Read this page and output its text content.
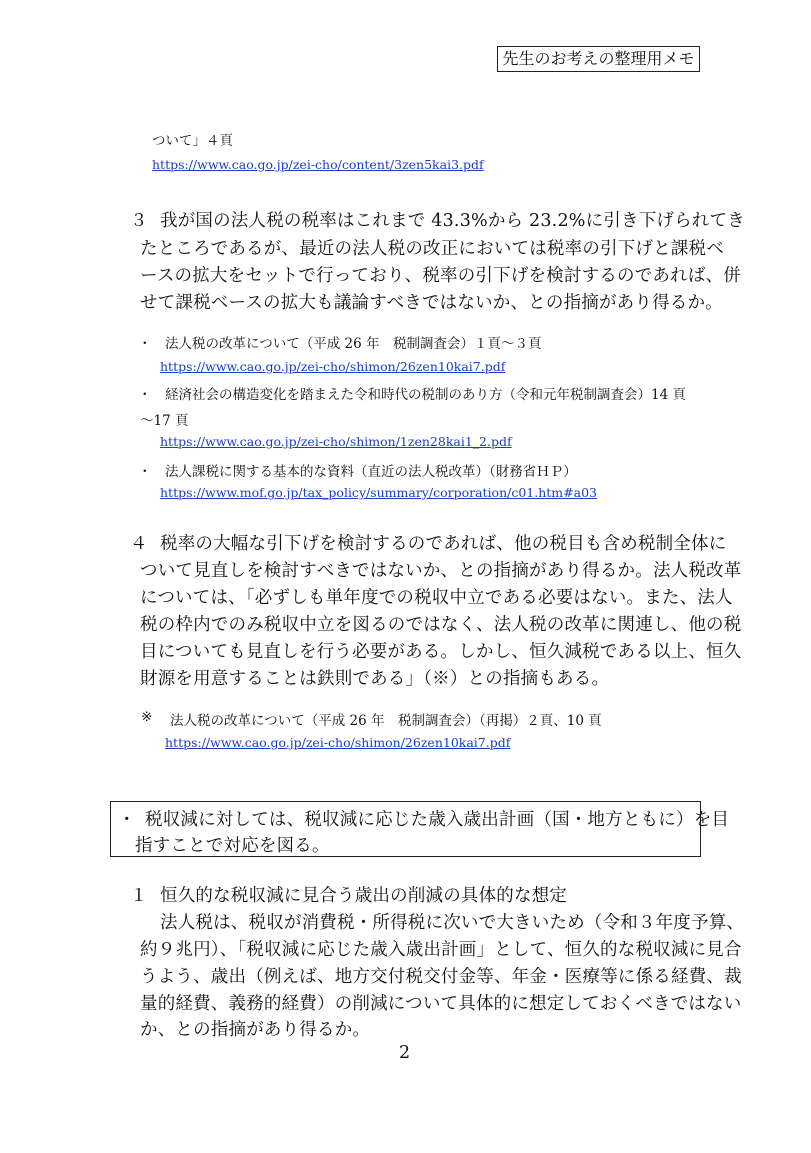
先生のお考えの整理用メモ
ついて」４頁
https://www.cao.go.jp/zei-cho/content/3zen5kai3.pdf
３ 我が国の法人税の税率はこれまで 43.3%から 23.2%に引き下げられてき
たところであるが、最近の法人税の改正においては税率の引下げと課税ベ
ースの拡大をセットで行っており、税率の引下げを検討するのであれば、併
せて課税ベースの拡大も議論すべきではないか、との指摘があり得るか。
・ 法人税の改革について（平成 26 年　税制調査会）１頁～３頁
https://www.cao.go.jp/zei-cho/shimon/26zen10kai7.pdf
・ 経済社会の構造変化を踏まえた令和時代の税制のあり方（令和元年税制調査会）14 頁
～17 頁
https://www.cao.go.jp/zei-cho/shimon/1zen28kai1_2.pdf
・ 法人課税に関する基本的な資料（直近の法人税改革）（財務省ＨＰ）
https://www.mof.go.jp/tax_policy/summary/corporation/c01.htm#a03
４ 税率の大幅な引下げを検討するのであれば、他の税目も含め税制全体に
ついて見直しを検討すべきではないか、との指摘があり得るか。法人税改革
については、「必ずしも単年度での税収中立である必要はない。また、法人
税の枠内でのみ税収中立を図るのではなく、法人税の改革に関連し、他の税
目についても見直しを行う必要がある。しかし、恒久減税である以上、恒久
財源を用意することは鉄則である」（※）との指摘もある。
※ 法人税の改革について（平成 26 年　税制調査会）（再掲）２頁、10 頁
https://www.cao.go.jp/zei-cho/shimon/26zen10kai7.pdf
・ 税収減に対しては、税収減に応じた歳入歳出計画（国・地方ともに）を目
指すことで対応を図る。
１ 恒久的な税収減に見合う歳出の削減の具体的な想定
法人税は、税収が消費税・所得税に次いで大きいため（令和３年度予算、
約９兆円）、「税収減に応じた歳入歳出計画」として、恒久的な税収減に見合
うよう、歳出（例えば、地方交付税交付金等、年金・医療等に係る経費、裁
量的経費、義務的経費）の削減について具体的に想定しておくべきではない
か、との指摘があり得るか。
2
